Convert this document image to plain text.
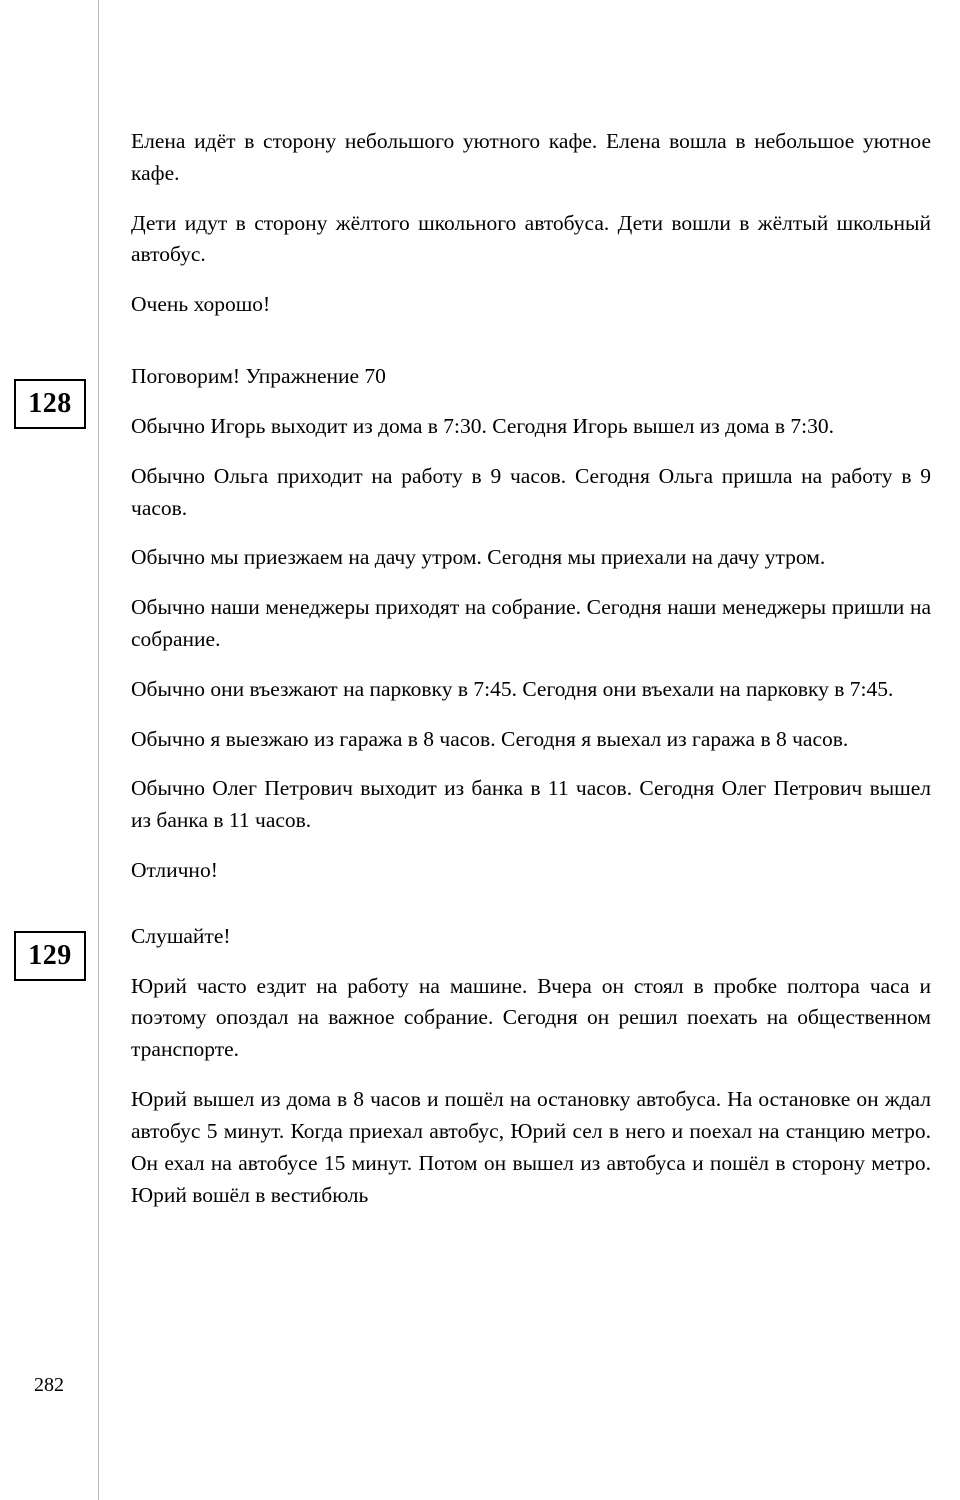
Елена идёт в сторону небольшого уютного кафе. Елена вошла в небольшое уютное кафе.

Дети идут в сторону жёлтого школьного автобуса. Дети вошли в жёлтый школьный автобус.

Очень хорошо!

128

Поговорим! Упражнение 70

Обычно Игорь выходит из дома в 7:30. Сегодня Игорь вышел из дома в 7:30.

Обычно Ольга приходит на работу в 9 часов. Сегодня Ольга пришла на работу в 9 часов.

Обычно мы приезжаем на дачу утром. Сегодня мы приехали на дачу утром.

Обычно наши менеджеры приходят на собрание. Сегодня наши менеджеры пришли на собрание.

Обычно они въезжают на парковку в 7:45. Сегодня они въехали на парковку в 7:45.

Обычно я выезжаю из гаража в 8 часов. Сегодня я выехал из гаража в 8 часов.

Обычно Олег Петрович выходит из банка в 11 часов. Сегодня Олег Петрович вышел из банка в 11 часов.

Отлично!

129

Слушайте!

Юрий часто ездит на работу на машине. Вчера он стоял в пробке полтора часа и поэтому опоздал на важное собрание. Сегодня он решил поехать на общественном транспорте.

Юрий вышел из дома в 8 часов и пошёл на остановку автобуса. На остановке он ждал автобус 5 минут. Когда приехал автобус, Юрий сел в него и поехал на станцию метро. Он ехал на автобусе 15 минут. Потом он вышел из автобуса и пошёл в сторону метро. Юрий вошёл в вестибюль

282
